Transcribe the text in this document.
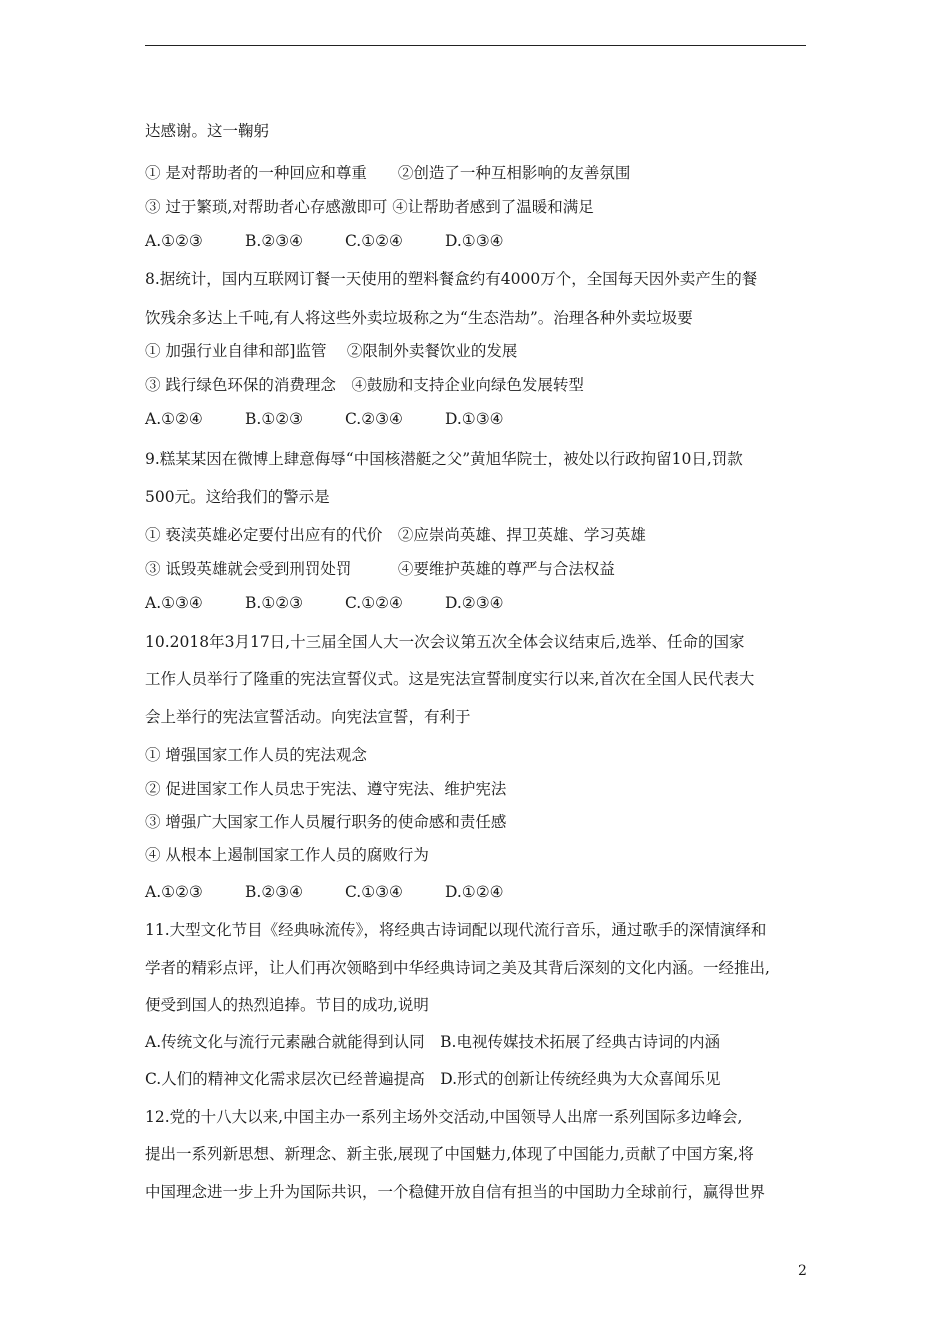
达感谢。这一鞠躬
① 是对帮助者的一种回应和尊重　　②创造了一种互相影响的友善氛围
③ 过于繁琐,对帮助者心存感激即可 ④让帮助者感到了温暖和满足
A.①②③	B.②③④	C.①②④	D.①③④
8.据统计，国内互联网订餐一天使用的塑料餐盒约有4000万个，全国每天因外卖产生的餐
饮残余多达上千吨,有人将这些外卖垃圾称之为“生态浩劫”。治理各种外卖垃圾要
① 加强行业自律和部]监管　 ②限制外卖餐饮业的发展
③ 践行绿色环保的消费理念　④鼓励和支持企业向绿色发展转型
A.①②④	B.①②③	C.②③④	D.①③④
9.糕某某因在微博上肆意侮辱“中国核潜艇之父”黄旭华院士，被处以行政拘留10日,罚款
500元。这给我们的警示是
① 亵渎英雄必定要付出应有的代价　②应崇尚英雄、捍卫英雄、学习英雄
③ 诋毁英雄就会受到刑罚处罚　　　④要维护英雄的尊严与合法权益
A.①③④	B.①②③	C.①②④	D.②③④
10.2018年3月17日,十三届全国人大一次会议第五次全体会议结束后,选举、任命的国家
工作人员举行了隆重的宪法宣誓仪式。这是宪法宣誓制度实行以来,首次在全国人民代表大
会上举行的宪法宣誓活动。向宪法宣誓，有利于
① 增强国家工作人员的宪法观念
② 促进国家工作人员忠于宪法、遵守宪法、维护宪法
③ 增强广大国家工作人员履行职务的使命感和责任感
④ 从根本上遏制国家工作人员的腐败行为
A.①②③	B.②③④	C.①③④	D.①②④
11.大型文化节目《经典咏流传》，将经典古诗词配以现代流行音乐，通过歌手的深情演绎和
学者的精彩点评，让人们再次领略到中华经典诗词之美及其背后深刻的文化内涵。一经推出,
便受到国人的热烈追捧。节目的成功,说明
A.传统文化与流行元素融合就能得到认同　B.电视传媒技术拓展了经典古诗词的内涵
C.人们的精神文化需求层次已经普遍提高　D.形式的创新让传统经典为大众喜闻乐见
12.党的十八大以来,中国主办一系列主场外交活动,中国领导人出席一系列国际多边峰会,
提出一系列新思想、新理念、新主张,展现了中国魅力,体现了中国能力,贡献了中国方案,将
中国理念进一步上升为国际共识，一个稳健开放自信有担当的中国助力全球前行，赢得世界
2
